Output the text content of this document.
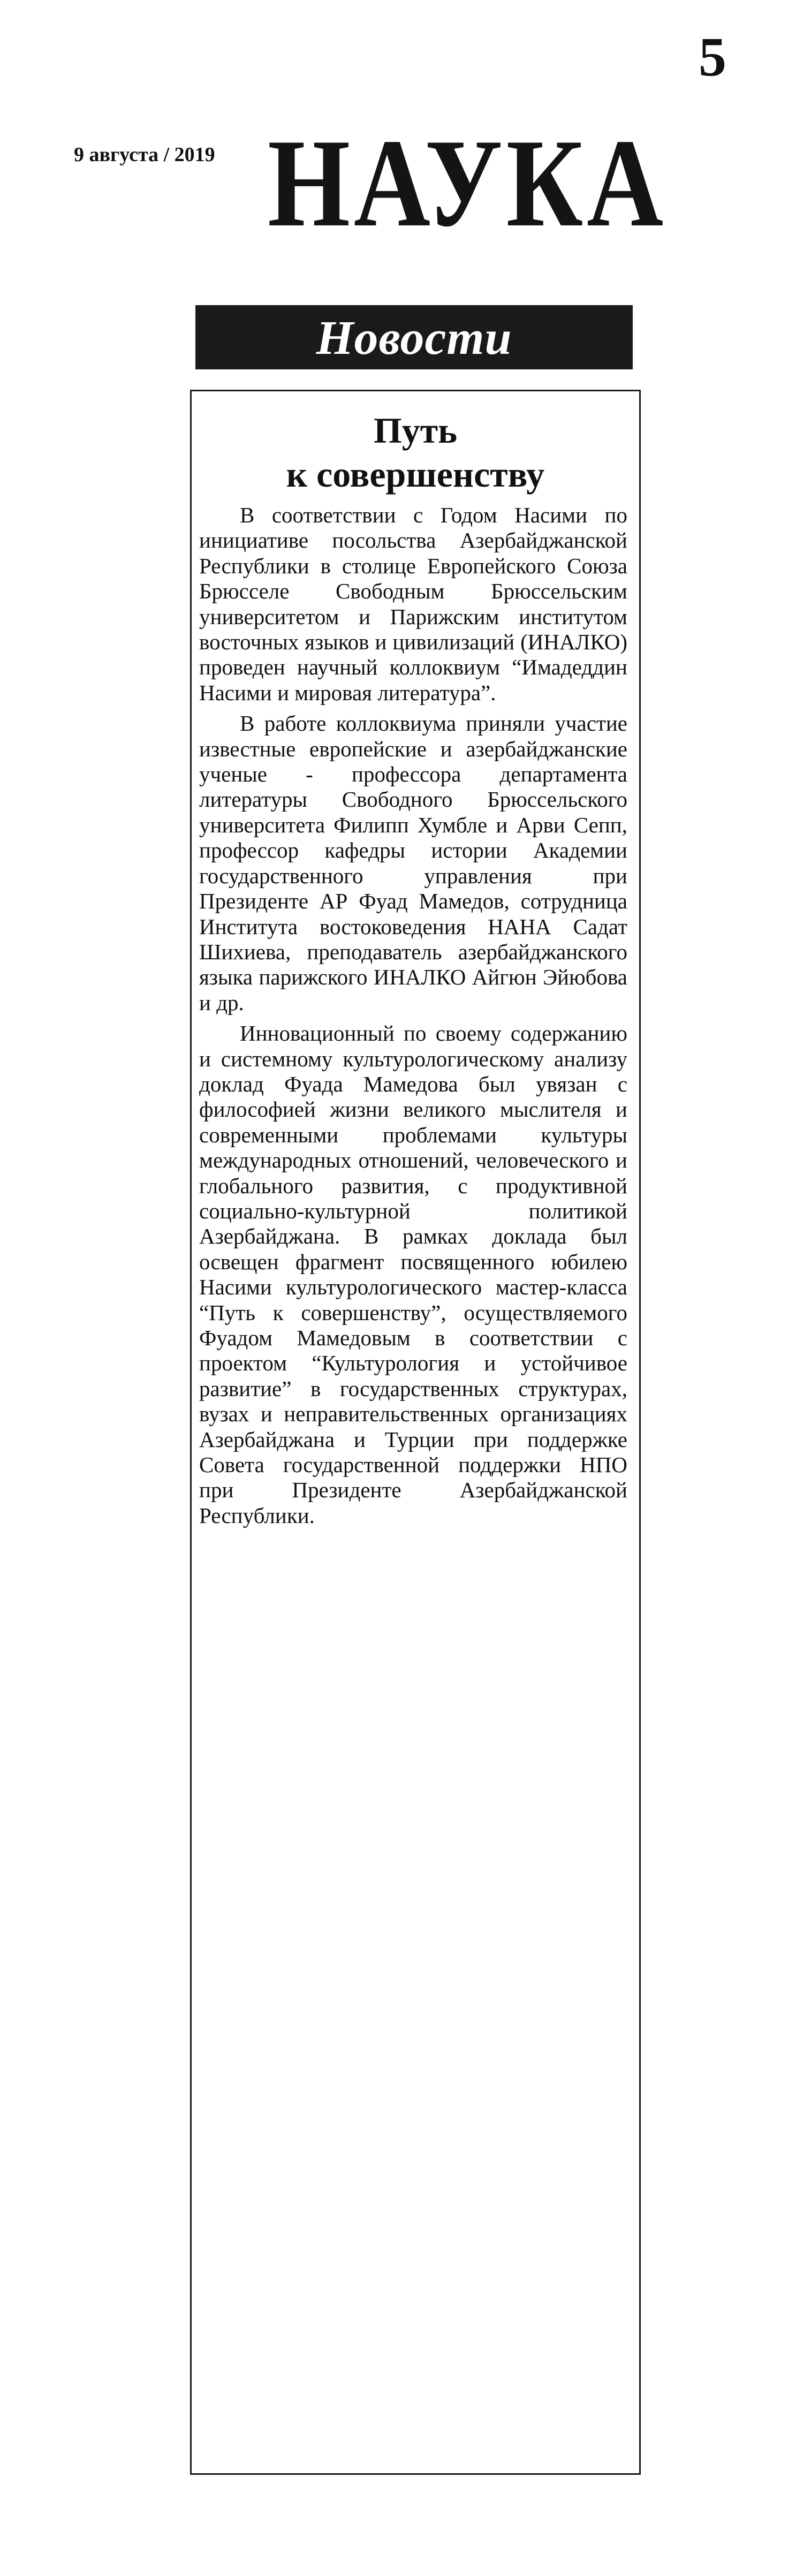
5
9 августа / 2019 НАУКА
Новости
Путь
к совершенству

В соответствии с Годом Насими по инициативе посольства Азербайджанской Республики в столице Европейского Союза Брюсселе Свободным Брюссельским университетом и Парижским институтом восточных языков и цивилизаций (ИНАЛКО) проведен научный коллоквиум “Имадеддин Насими и мировая литература”.

В работе коллоквиума приняли участие известные европейские и азербайджанские ученые - профессора департамента литературы Свободного Брюссельского университета Филипп Хумбле и Арви Сепп, профессор кафедры истории Академии государственного управления при Президенте АР Фуад Мамедов, сотрудница Института востоковедения НАНА Садат Шихиева, преподаватель азербайджанского языка парижского ИНАЛКО Айгюн Эйюбова и др.

Инновационный по своему содержанию и системному культурологическому анализу доклад Фуада Мамедова был увязан с философией жизни великого мыслителя и современными проблемами культуры международных отношений, человеческого и глобального развития, с продуктивной социально-культурной политикой Азербайджана. В рамках доклада был освещен фрагмент посвященного юбилею Насими культурологического мастер-класса “Путь к совершенству”, осуществляемого Фуадом Мамедовым в соответствии с проектом “Культурология и устойчивое развитие” в государственных структурах, вузах и неправительственных организациях Азербайджана и Турции при поддержке Совета государственной поддержки НПО при Президенте Азербайджанской Республики.
